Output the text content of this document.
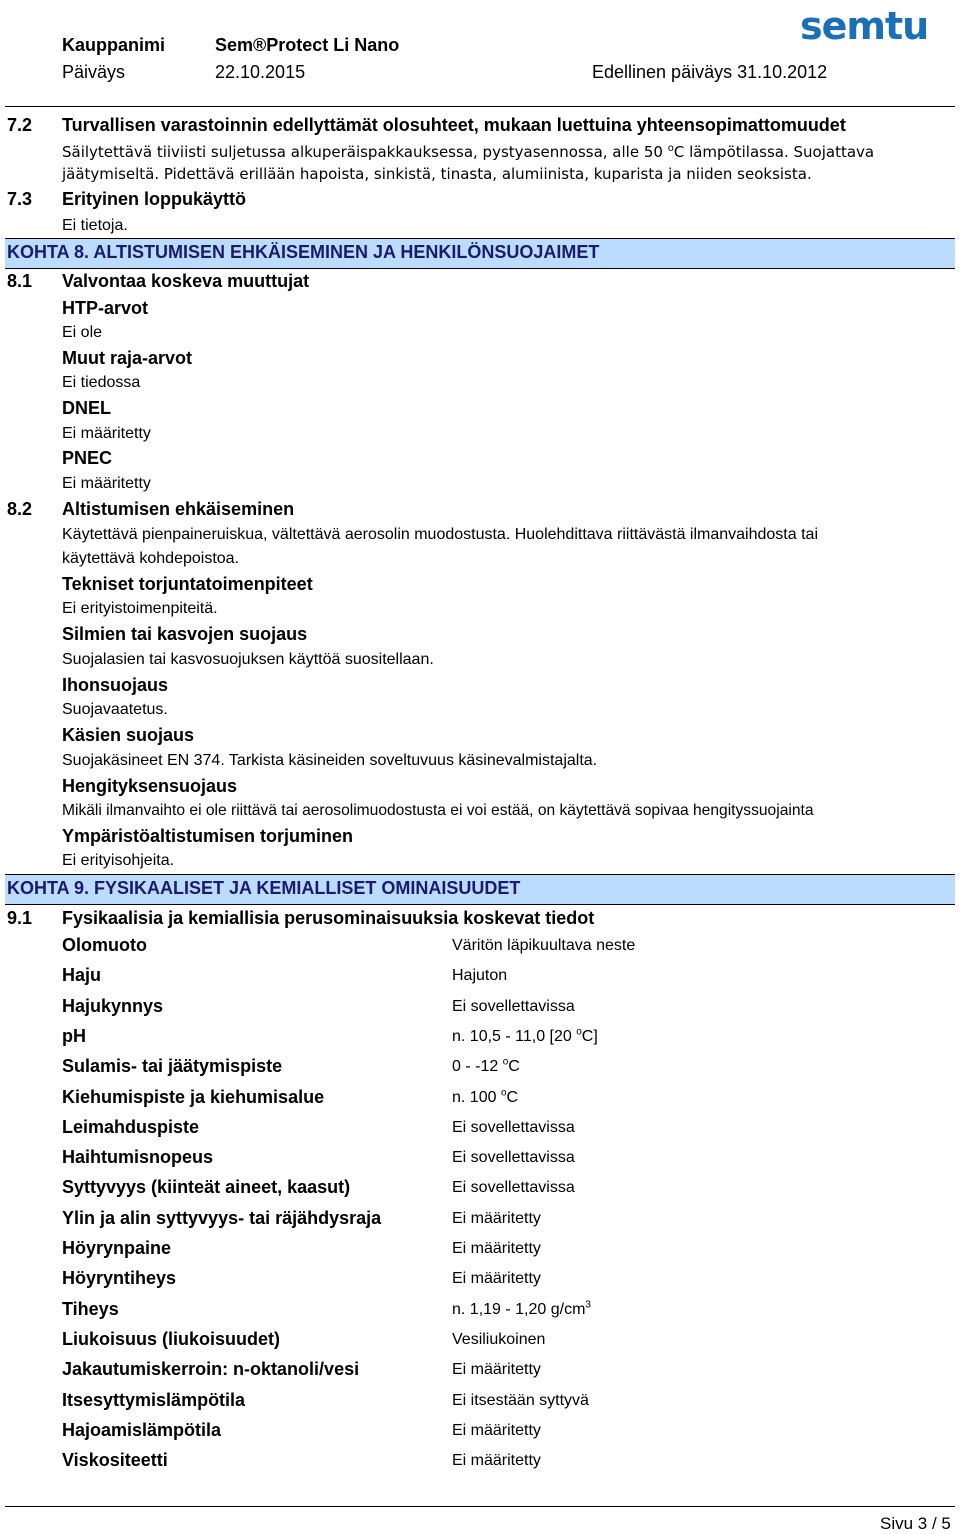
Kauppanimi	Sem®Protect Li Nano
Päiväys	22.10.2015	Edellinen päiväys 31.10.2012
semtu
7.2 Turvallisen varastoinnin edellyttämät olosuhteet, mukaan luettuina yhteensopimattomuudet
Säilytettävä tiiviisti suljetussa alkuperäispakkauksessa, pystyasennossa, alle 50 $^o$C lämpötilassa. Suojattava
jäätymiseltä. Pidettävä erillään hapoista, sinkistä, tinasta, alumiinista, kuparista ja niiden seoksista.
7.3 Erityinen loppukäyttö
Ei tietoja.
KOHTA 8. ALTISTUMISEN EHKÄISEMINEN JA HENKILÖNSUOJAIMET
8.1 Valvontaa koskeva muuttujat
HTP-arvot
Ei ole
Muut raja-arvot
Ei tiedossa
DNEL
Ei määritetty
PNEC
Ei määritetty
8.2 Altistumisen ehkäiseminen
Käytettävä pienpaineruiskua, vältettävä aerosolin muodostusta. Huolehdittava riittävästä ilmanvaihdosta tai
käytettävä kohdepoistoa.
Tekniset torjuntatoimenpiteet
Ei erityistoimenpiteitä.
Silmien tai kasvojen suojaus
Suojalasien tai kasvosuojuksen käyttöä suositellaan.
Ihonsuojaus
Suojavaatetus.
Käsien suojaus
Suojakäsineet EN 374. Tarkista käsineiden soveltuvuus käsinevalmistajalta.
Hengityksensuojaus
Mikäli ilmanvaihto ei ole riittävä tai aerosolimuodostusta ei voi estää, on käytettävä sopivaa hengityssuojainta
Ympäristöaltistumisen torjuminen
Ei erityisohjeita.
KOHTA 9. FYSIKAALISET JA KEMIALLISET OMINAISUUDET
9.1 Fysikaalisia ja kemiallisia perusominaisuuksia koskevat tiedot
Olomuoto	Väritön läpikuultava neste
Haju	Hajuton
Hajukynnys	Ei sovellettavissa
pH	n. 10,5 - 11,0 [20 $^o$C]
Sulamis- tai jäätymispiste	0 - -12 $^o$C
Kiehumispiste ja kiehumisalue	n. 100 $^o$C
Leimahduspiste	Ei sovellettavissa
Haihtumisnopeus	Ei sovellettavissa
Syttyvyys (kiinteät aineet, kaasut)	Ei sovellettavissa
Ylin ja alin syttyvyys- tai räjähdysraja	Ei määritetty
Höyrynpaine	Ei määritetty
Höyryntiheys	Ei määritetty
Tiheys	n. 1,19 - 1,20 $g/cm^3$
Liukoisuus (liukoisuudet)	Vesiliukoinen
Jakautumiskerroin: n-oktanoli/vesi	Ei määritetty
Itsesyttymislämpötila	Ei itsestään syttyvä
Hajoamislämpötila	Ei määritetty
Viskositeetti	Ei määritetty
Sivu 3 / 5
